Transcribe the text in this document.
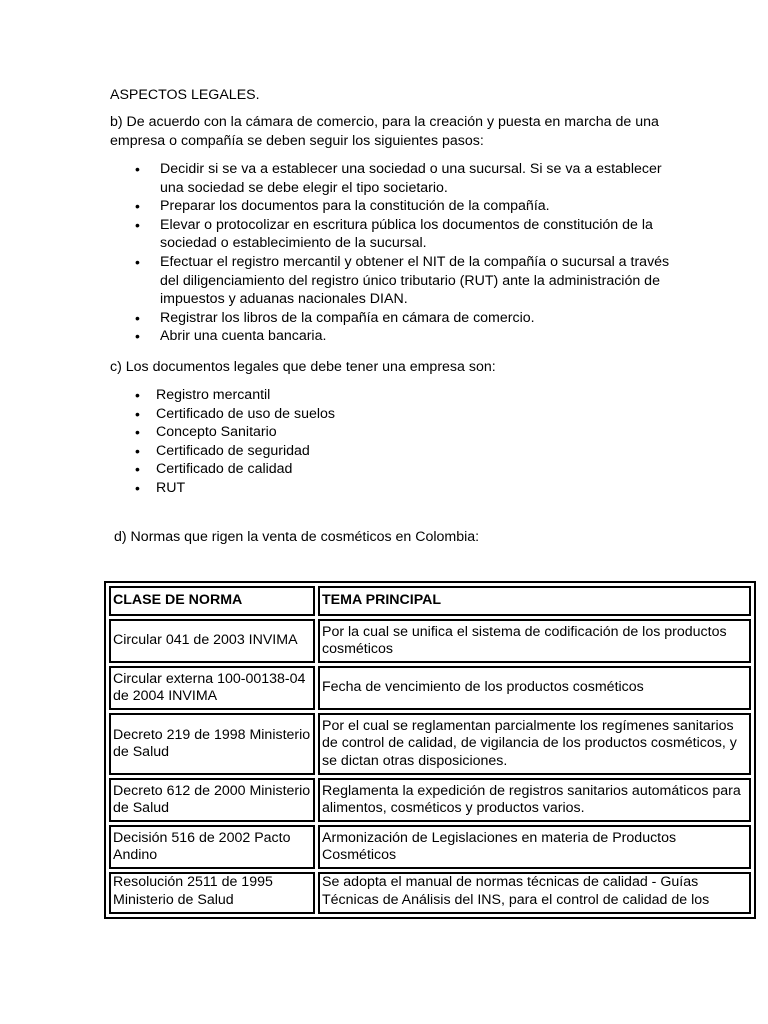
ASPECTOS LEGALES.

b) De acuerdo con la cámara de comercio, para la creación y puesta en marcha de una empresa o compañía se deben seguir los siguientes pasos:

• Decidir si se va a establecer una sociedad o una sucursal. Si se va a establecer una sociedad se debe elegir el tipo societario.
• Preparar los documentos para la constitución de la compañía.
• Elevar o protocolizar en escritura pública los documentos de constitución de la sociedad o establecimiento de la sucursal.
• Efectuar el registro mercantil y obtener el NIT de la compañía o sucursal a través del diligenciamiento del registro único tributario (RUT) ante la administración de impuestos y aduanas nacionales DIAN.
• Registrar los libros de la compañía en cámara de comercio.
• Abrir una cuenta bancaria.

c) Los documentos legales que debe tener una empresa son:

• Registro mercantil
• Certificado de uso de suelos
• Concepto Sanitario
• Certificado de seguridad
• Certificado de calidad
• RUT

d) Normas que rigen la venta de cosméticos en Colombia:

CLASE DE NORMA	TEMA PRINCIPAL
Circular 041 de 2003 INVIMA	Por la cual se unifica el sistema de codificación de los productos cosméticos
Circular externa 100-00138-04 de 2004 INVIMA	Fecha de vencimiento de los productos cosméticos
Decreto 219 de 1998 Ministerio de Salud	Por el cual se reglamentan parcialmente los regímenes sanitarios de control de calidad, de vigilancia de los productos cosméticos, y se dictan otras disposiciones.
Decreto 612 de 2000 Ministerio de Salud	Reglamenta la expedición de registros sanitarios automáticos para alimentos, cosméticos y productos varios.
Decisión 516 de 2002 Pacto Andino	Armonización de Legislaciones en materia de Productos Cosméticos
Resolución 2511 de 1995 Ministerio de Salud	Se adopta el manual de normas técnicas de calidad - Guías Técnicas de Análisis del INS, para el control de calidad de los
